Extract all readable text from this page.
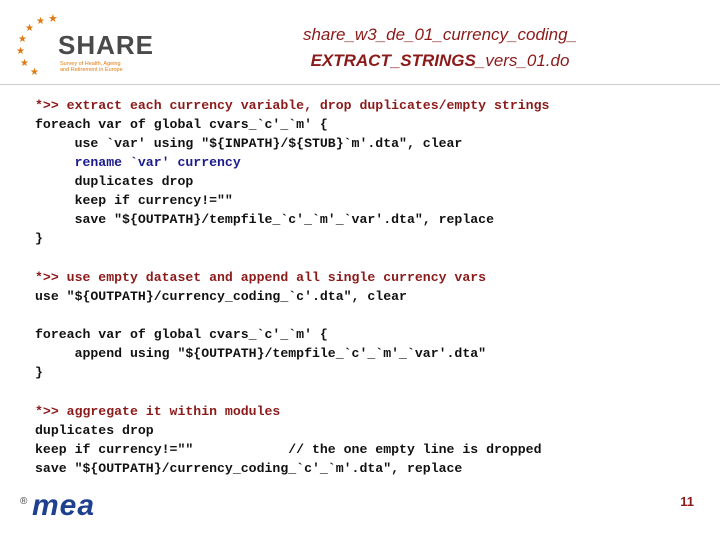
★
★
★
★
★
★
★
SHARE
Survey of Health, Ageing
and Retirement in Europe
share_w3_de_01_currency_coding_
EXTRACT_STRINGS_vers_01.do
*>> extract each currency variable, drop duplicates/empty strings
foreach var of global cvars_`c'_`m' {
use `var' using "${INPATH}/${STUB}`m'.dta", clear
rename `var' currency
duplicates drop
keep if currency!=""
save "${OUTPATH}/tempfile_`c'_`m'_`var'.dta", replace
}
*>> use empty dataset and append all single currency vars
use "${OUTPATH}/currency_coding_`c'.dta", clear
foreach var of global cvars_`c'_`m' {
append using "${OUTPATH}/tempfile_`c'_`m'_`var'.dta"
}
*>> aggregate it within modules
duplicates drop
keep if currency!=""            // the one empty line is dropped
save "${OUTPATH}/currency_coding_`c'_`m'.dta", replace
® mea	11
